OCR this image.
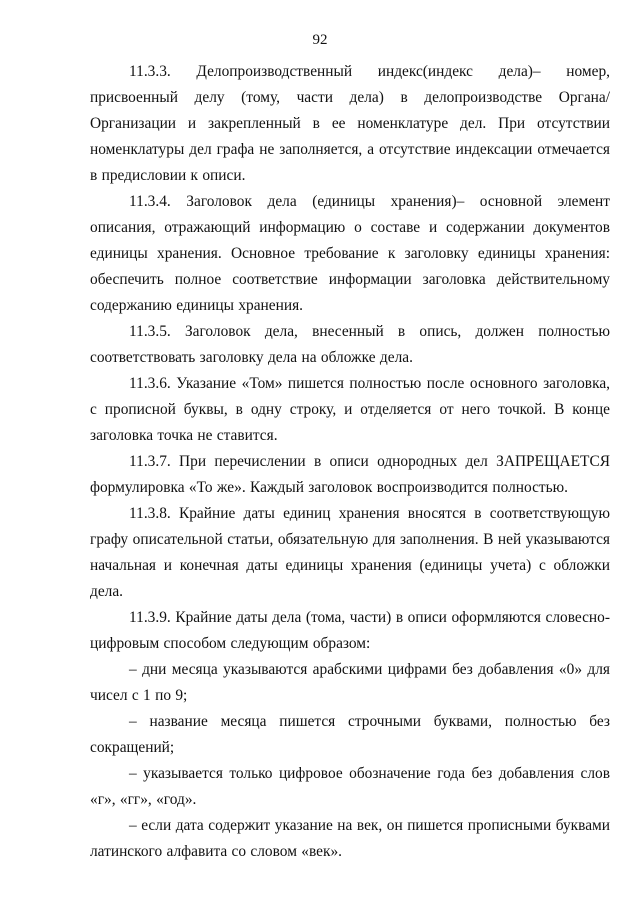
92

11.3.3. Делопроизводственный индекс(индекс дела)– номер, присвоенный делу (тому, части дела) в делопроизводстве Органа/Организации и закрепленный в ее номенклатуре дел. При отсутствии номенклатуры дел графа не заполняется, а отсутствие индексации отмечается в предисловии к описи.

11.3.4. Заголовок дела (единицы хранения)– основной элемент описания, отражающий информацию о составе и содержании документов единицы хранения. Основное требование к заголовку единицы хранения: обеспечить полное соответствие информации заголовка действительному содержанию единицы хранения.

11.3.5. Заголовок дела, внесенный в опись, должен полностью соответствовать заголовку дела на обложке дела.

11.3.6. Указание «Том» пишется полностью после основного заголовка, с прописной буквы, в одну строку, и отделяется от него точкой. В конце заголовка точка не ставится.

11.3.7. При перечислении в описи однородных дел ЗАПРЕЩАЕТСЯ формулировка «То же». Каждый заголовок воспроизводится полностью.

11.3.8. Крайние даты единиц хранения вносятся в соответствующую графу описательной статьи, обязательную для заполнения. В ней указываются начальная и конечная даты единицы хранения (единицы учета) с обложки дела.

11.3.9. Крайние даты дела (тома, части) в описи оформляются словесно-цифровым способом следующим образом:

– дни месяца указываются арабскими цифрами без добавления «0» для чисел с 1 по 9;

– название месяца пишется строчными буквами, полностью без сокращений;

– указывается только цифровое обозначение года без добавления слов «г», «гг», «год».

– если дата содержит указание на век, он пишется прописными буквами латинского алфавита со словом «век».
